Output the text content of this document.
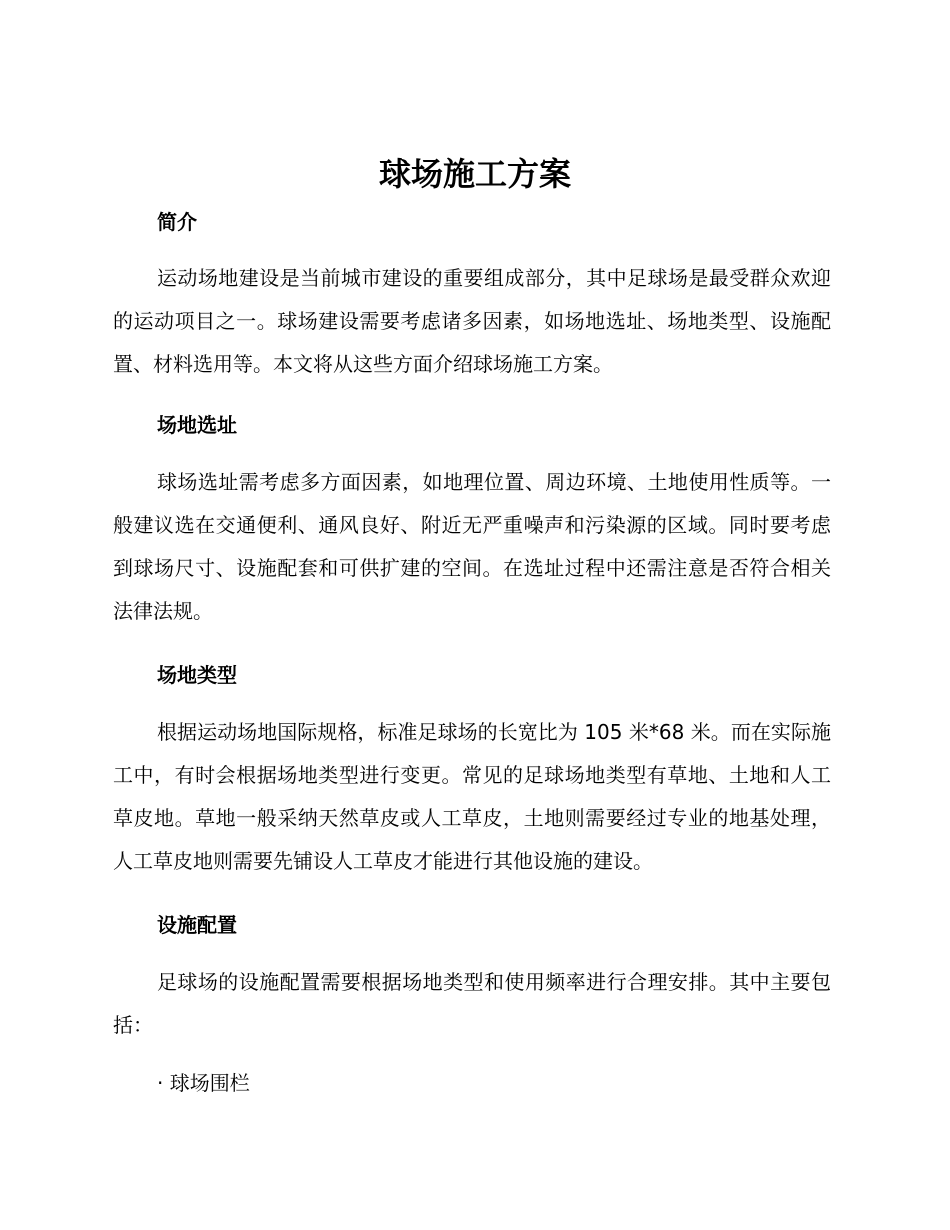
球场施工方案
简介
运动场地建设是当前城市建设的重要组成部分，其中足球场是最受群众欢迎的运动项目之一。球场建设需要考虑诸多因素，如场地选址、场地类型、设施配置、材料选用等。本文将从这些方面介绍球场施工方案。
场地选址
球场选址需考虑多方面因素，如地理位置、周边环境、土地使用性质等。一般建议选在交通便利、通风良好、附近无严重噪声和污染源的区域。同时要考虑到球场尺寸、设施配套和可供扩建的空间。在选址过程中还需注意是否符合相关法律法规。
场地类型
根据运动场地国际规格，标准足球场的长宽比为 105 米*68 米。而在实际施工中，有时会根据场地类型进行变更。常见的足球场地类型有草地、土地和人工草皮地。草地一般采纳天然草皮或人工草皮，土地则需要经过专业的地基处理，人工草皮地则需要先铺设人工草皮才能进行其他设施的建设。
设施配置
足球场的设施配置需要根据场地类型和使用频率进行合理安排。其中主要包括：
· 球场围栏
